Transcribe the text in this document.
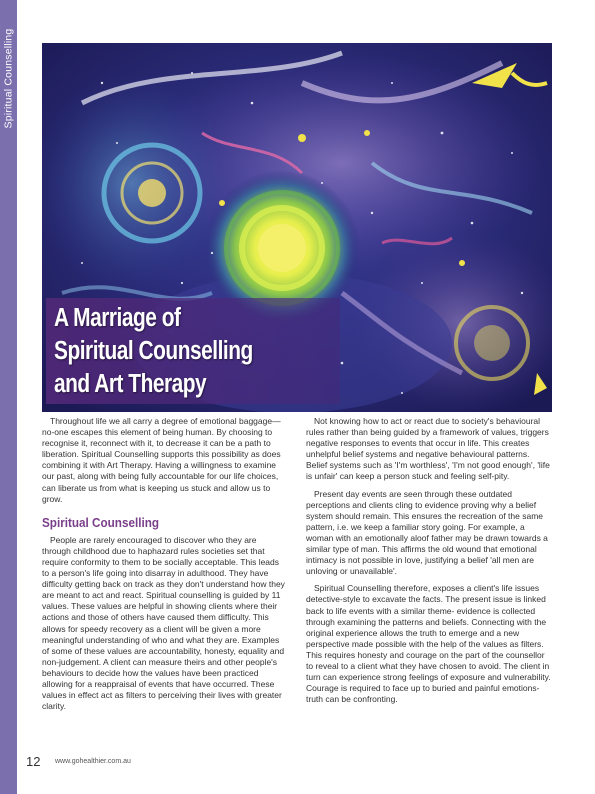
Spiritual Counselling
A Marriage of
Spiritual Counselling
and Art Therapy

Throughout life we all carry a degree of emotional baggage— no-one escapes this element of being human. By choosing to recognise it, reconnect with it, to decrease it can be a path to liberation. Spiritual Counselling supports this possibility as does combining it with Art Therapy. Having a willingness to examine our past, along with being fully accountable for our life choices, can liberate us from what is keeping us stuck and allow us to grow.

Spiritual Counselling

People are rarely encouraged to discover who they are through childhood due to haphazard rules societies set that require conformity to them to be socially acceptable. This leads to a person's life going into disarray in adulthood. They have difficulty getting back on track as they don't understand how they are meant to act and react. Spiritual counselling is guided by 11 values. These values are helpful in showing clients where their actions and those of others have caused them difficulty. This allows for speedy recovery as a client will be given a more meaningful understanding of who and what they are. Examples of some of these values are accountability, honesty, equality and non-judgement. A client can measure theirs and other people's behaviours to decide how the values have been practiced allowing for a reappraisal of events that have occurred. These values in effect act as filters to perceiving their lives with greater clarity.

Not knowing how to act or react due to society's behavioural rules rather than being guided by a framework of values, triggers negative responses to events that occur in life. This creates unhelpful belief systems and negative behavioural patterns. Belief systems such as 'I'm worthless', 'I'm not good enough', 'life is unfair' can keep a person stuck and feeling self-pity.

Present day events are seen through these outdated perceptions and clients cling to evidence proving why a belief system should remain. This ensures the recreation of the same pattern, i.e. we keep a familiar story going. For example, a woman with an emotionally aloof father may be drawn towards a similar type of man. This affirms the old wound that emotional intimacy is not possible in love, justifying a belief 'all men are unloving or unavailable'.

Spiritual Counselling therefore, exposes a client's life issues detective-style to excavate the facts. The present issue is linked back to life events with a similar theme- evidence is collected through examining the patterns and beliefs. Connecting with the original experience allows the truth to emerge and a new perspective made possible with the help of the values as filters. This requires honesty and courage on the part of the counsellor to reveal to a client what they have chosen to avoid. The client in turn can experience strong feelings of exposure and vulnerability. Courage is required to face up to buried and painful emotions- truth can be confronting.

12 www.gohealthier.com.au
